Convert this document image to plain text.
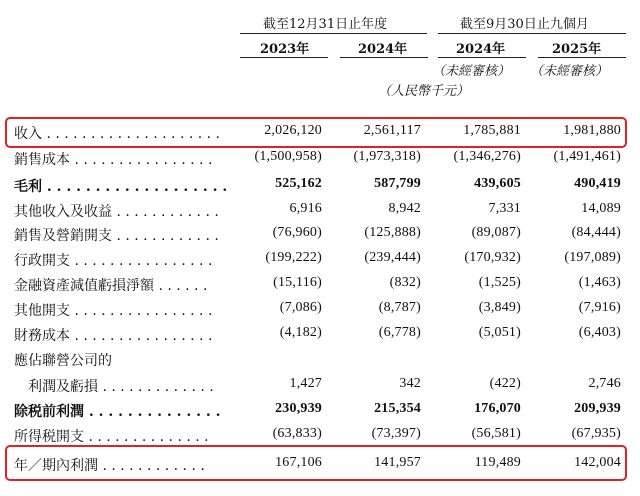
截至12月31日止年度	截至9月30日止九個月
2023年	2024年	2024年	2025年
（未經審核） （未經審核）
（人民幣千元）
收入 . . . . . . . . . . . . . . . . . . . .	2,026,120	2,561,117	1,785,881	1,981,880
銷售成本 . . . . . . . . . . . . . . . .	(1,500,958)	(1,973,318)	(1,346,276)	(1,491,461)
毛利 . . . . . . . . . . . . . . . . . . .	525,162	587,799	439,605	490,419
其他收入及收益 . . . . . . . . . . . .	6,916	8,942	7,331	14,089
銷售及營銷開支 . . . . . . . . . . . .	(76,960)	(125,888)	(89,087)	(84,444)
行政開支 . . . . . . . . . . . . . . . .	(199,222)	(239,444)	(170,932)	(197,089)
金融資產減值虧損淨額 . . . . . .	(15,116)	(832)	(1,525)	(1,463)
其他開支 . . . . . . . . . . . . . . . .	(7,086)	(8,787)	(3,849)	(7,916)
財務成本 . . . . . . . . . . . . . . . .	(4,182)	(6,778)	(5,051)	(6,403)
應佔聯營公司的
　利潤及虧損 . . . . . . . . . . . . .	1,427	342	(422)	2,746
除税前利潤 . . . . . . . . . . . . . .	230,939	215,354	176,070	209,939
所得税開支 . . . . . . . . . . . . . .	(63,833)	(73,397)	(56,581)	(67,935)
年／期內利潤 . . . . . . . . . . . .	167,106	141,957	119,489	142,004
